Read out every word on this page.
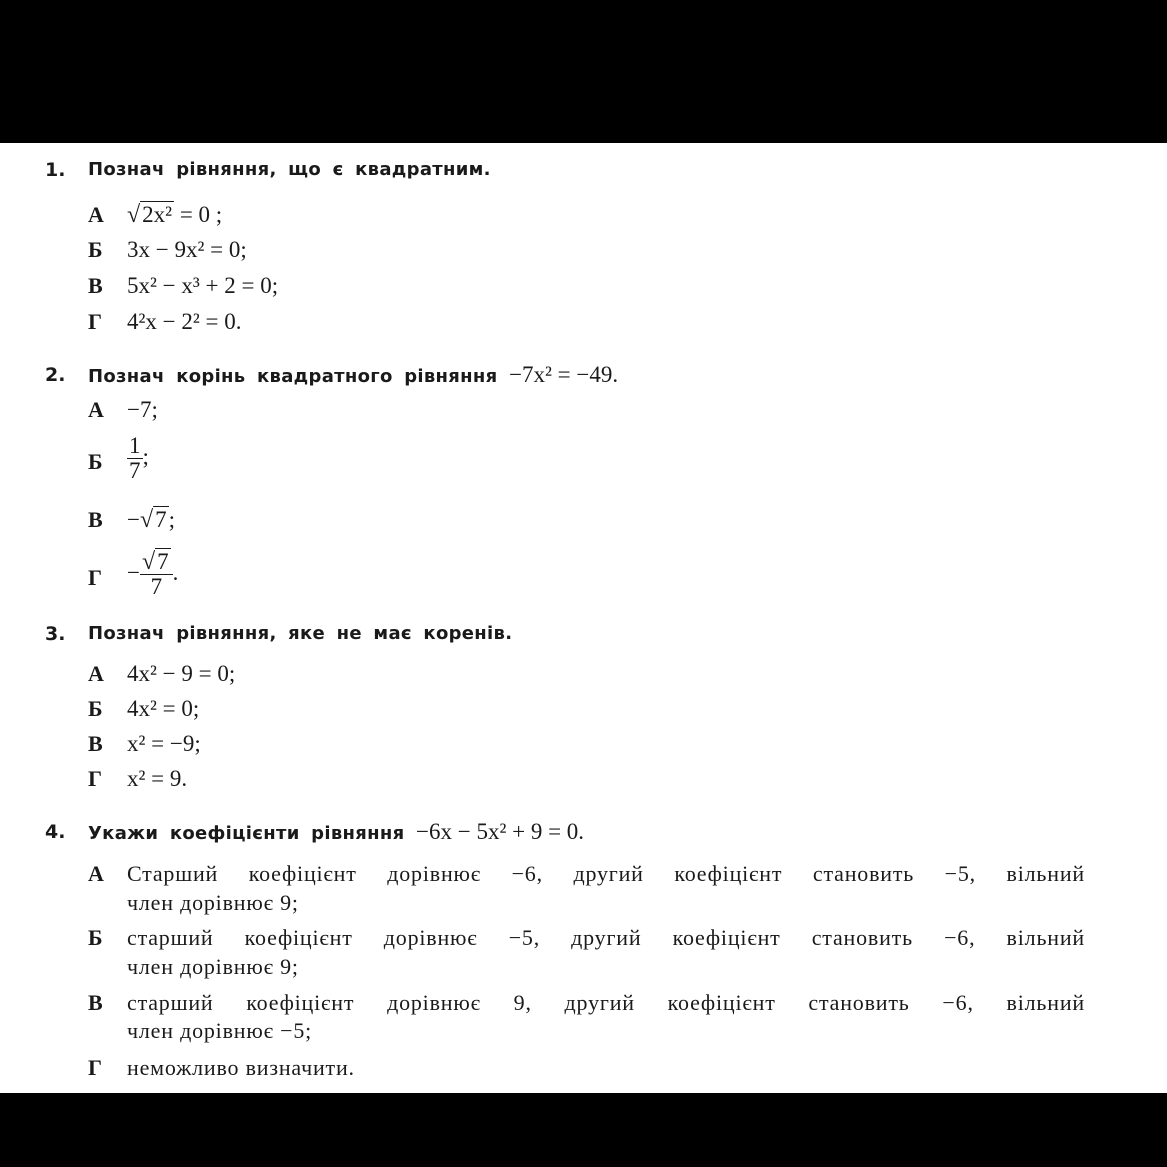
1. Познач рівняння, що є квадратним.
А √2x² = 0 ;
Б 3x − 9x² = 0;
В 5x² − x³ + 2 = 0;
Г 4²x − 2² = 0.
2. Познач корінь квадратного рівняння −7x² = −49.
А −7;
Б $\frac{1}{7}$ ;
В −√7;
$Г - \frac{√7}{7}$ .
3. Познач рівняння, яке не має коренів.
А 4x² − 9 = 0;
Б 4x² = 0;
В x² = −9;
Г x² = 9.
4. Укажи коефіцієнти рівняння −6x − 5x² + 9 = 0.
А Старший коефіцієнт дорівнює −6, другий коефіцієнт становить −5, вільний
член дорівнює 9;
Б старший коефіцієнт дорівнює −5, другий коефіцієнт становить −6, вільний
член дорівнює 9;
В старший коефіцієнт дорівнює 9, другий коефіцієнт становить −6, вільний
член дорівнює −5;
Г неможливо визначити.
